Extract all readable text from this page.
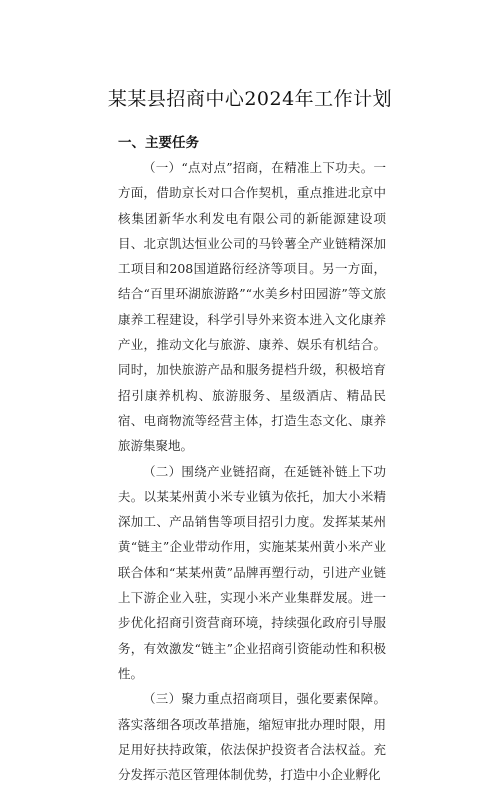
某某县招商中心2024年工作计划
一、主要任务

（一）“点对点”招商，在精准上下功夫。一方面，借助京长对口合作契机，重点推进北京中核集团新华水利发电有限公司的新能源建设项目、北京凯达恒业公司的马铃薯全产业链精深加工项目和208国道路衍经济等项目。另一方面，结合“百里环湖旅游路”“水美乡村田园游”等文旅康养工程建设，科学引导外来资本进入文化康养产业，推动文化与旅游、康养、娱乐有机结合。同时，加快旅游产品和服务提档升级，积极培育招引康养机构、旅游服务、星级酒店、精品民宿、电商物流等经营主体，打造生态文化、康养旅游集聚地。

（二）围绕产业链招商，在延链补链上下功夫。以某某州黄小米专业镇为依托，加大小米精深加工、产品销售等项目招引力度。发挥某某州黄“链主”企业带动作用，实施某某州黄小米产业联合体和“某某州黄”品牌再塑行动，引进产业链上下游企业入驻，实现小米产业集群发展。进一步优化招商引资营商环境，持续强化政府引导服务，有效激发“链主”企业招商引资能动性和积极性。

（三）聚力重点招商项目，强化要素保障。落实落细各项改革措施，缩短审批办理时限，用足用好扶持政策，依法保护投资者合法权益。充分发挥示范区管理体制优势，打造中小企业孵化
